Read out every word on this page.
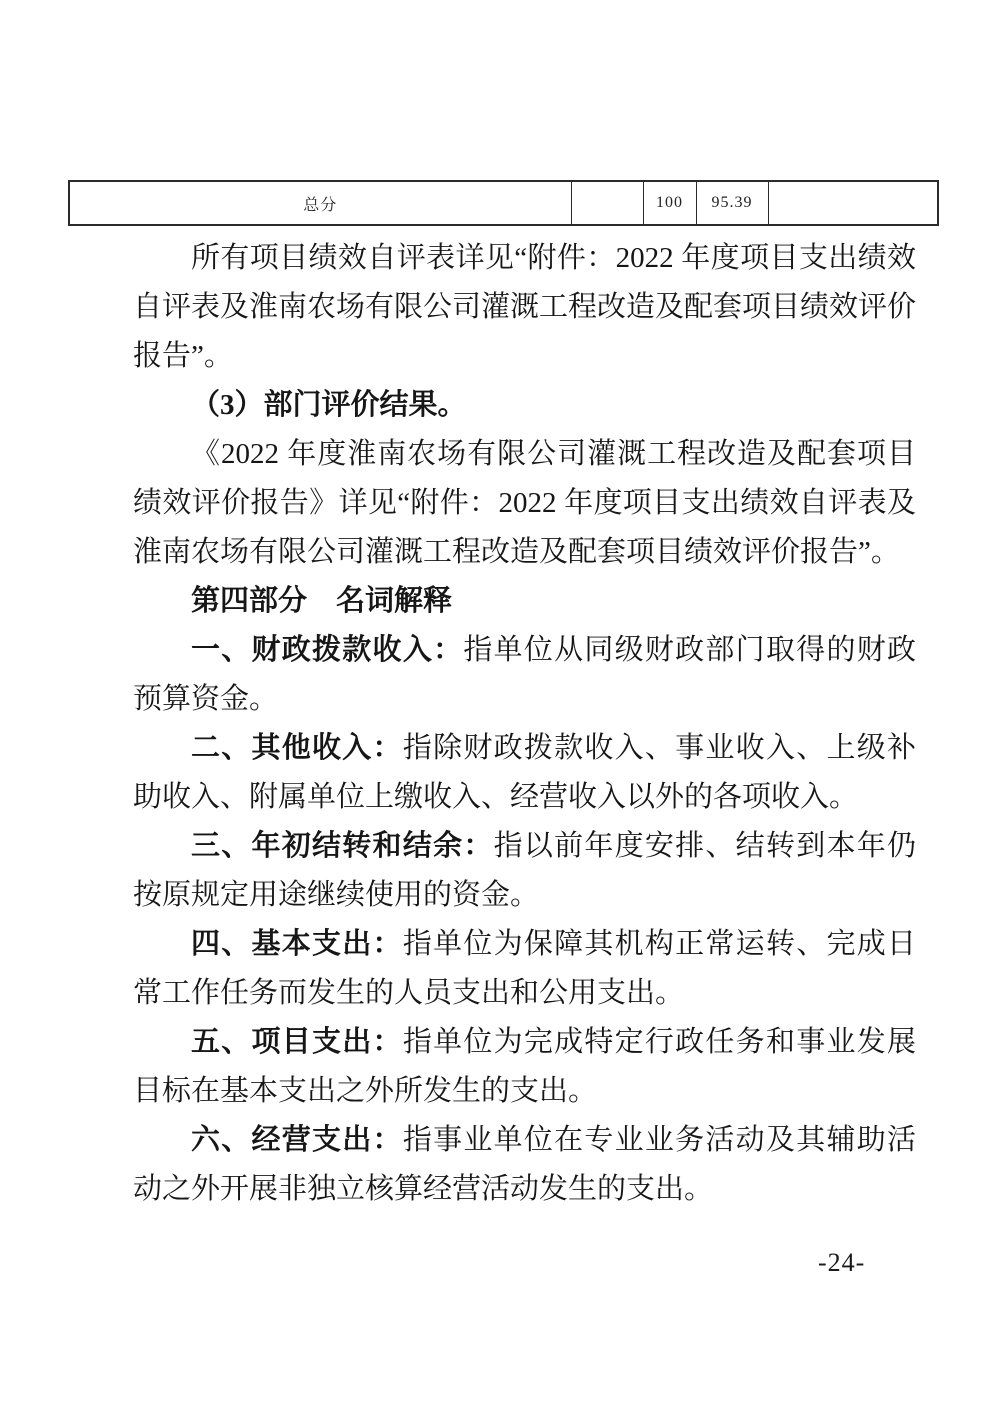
总分		100	95.39	

所有项目绩效自评表详见“附件：2022 年度项目支出绩效自评表及淮南农场有限公司灌溉工程改造及配套项目绩效评价报告”。

（3）部门评价结果。

《2022 年度淮南农场有限公司灌溉工程改造及配套项目绩效评价报告》详见“附件：2022 年度项目支出绩效自评表及淮南农场有限公司灌溉工程改造及配套项目绩效评价报告”。

第四部分　名词解释

一、财政拨款收入：指单位从同级财政部门取得的财政预算资金。

二、其他收入：指除财政拨款收入、事业收入、上级补助收入、附属单位上缴收入、经营收入以外的各项收入。

三、年初结转和结余：指以前年度安排、结转到本年仍按原规定用途继续使用的资金。

四、基本支出：指单位为保障其机构正常运转、完成日常工作任务而发生的人员支出和公用支出。

五、项目支出：指单位为完成特定行政任务和事业发展目标在基本支出之外所发生的支出。

六、经营支出：指事业单位在专业业务活动及其辅助活动之外开展非独立核算经营活动发生的支出。

-24-
